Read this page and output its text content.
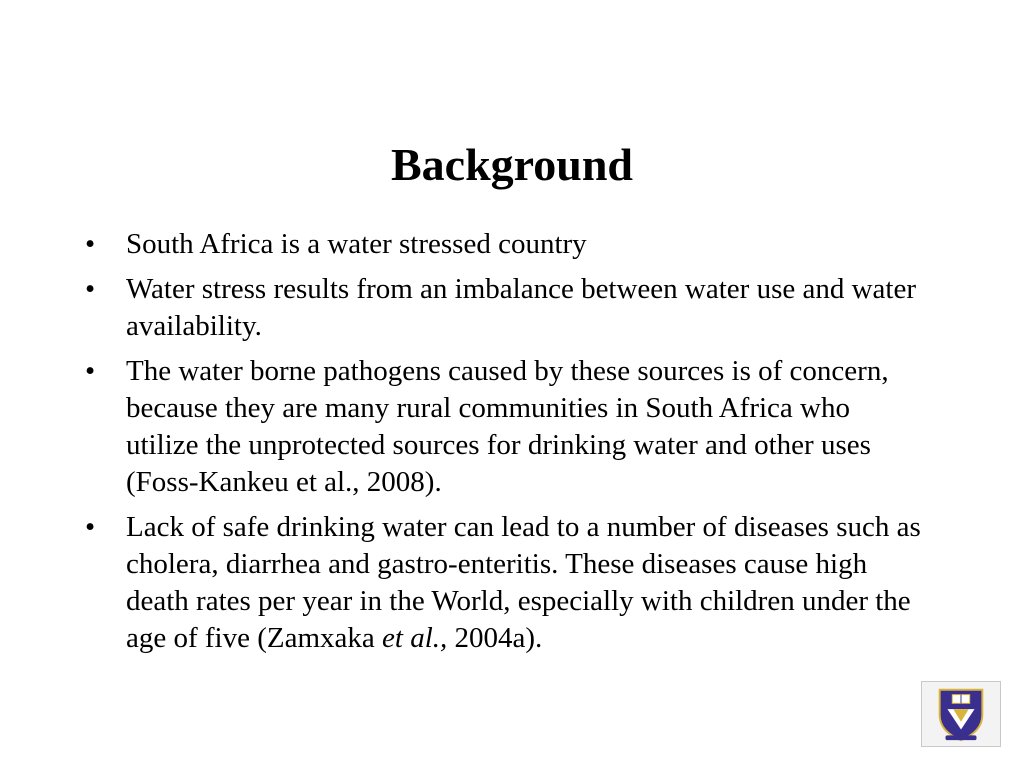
Background
• South Africa is a water stressed country
• Water stress results from an imbalance between water use and water availability.
• The water borne pathogens caused by these sources is of concern, because they are many rural communities in South Africa who utilize the unprotected sources for drinking water and other uses (Foss-Kankeu et al., 2008).
• Lack of safe drinking water can lead to a number of diseases such as cholera, diarrhea and gastro-enteritis. These diseases cause high death rates per year in the World, especially with children under the age of five (Zamxaka et al., 2004a).
